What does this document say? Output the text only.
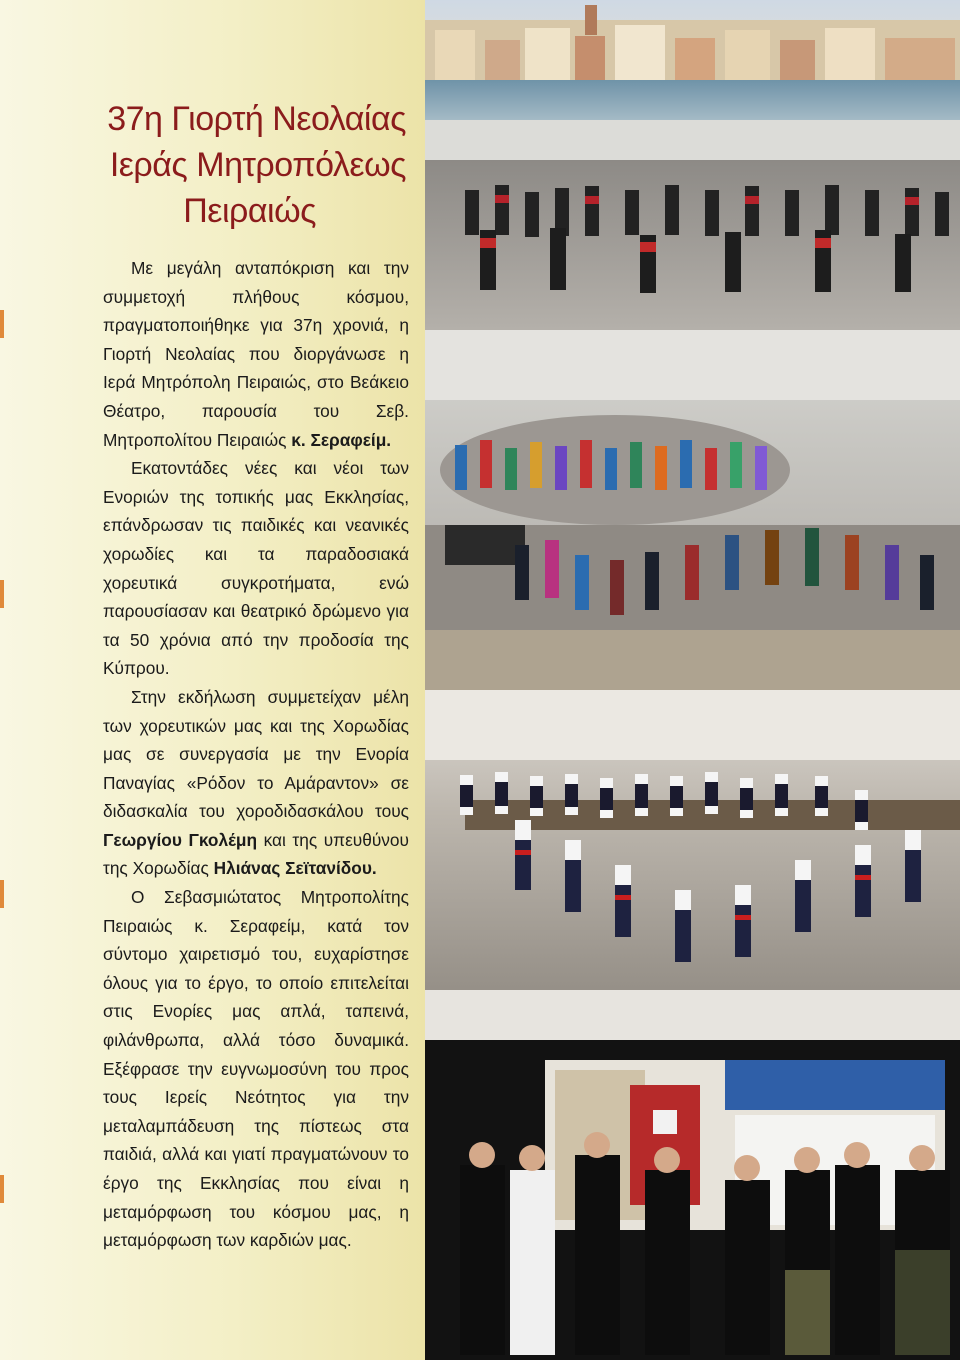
37η Γιορτή Νεολαίας
Ιεράς Μητροπόλεως
Πειραιώς

Με μεγάλη ανταπόκριση και την συμμετοχή πλήθους κόσμου, πραγματοποιήθηκε για 37η χρονιά, η Γιορτή Νεολαίας που διοργάνωσε η Ιερά Μητρόπολη Πειραιώς, στο Βεάκειο Θέατρο, παρουσία του Σεβ. Μητροπολίτου Πειραιώς κ. Σεραφείμ.

Εκατοντάδες νέες και νέοι των Ενοριών της τοπικής μας Εκκλησίας, επάνδρωσαν τις παιδικές και νεανικές χορωδίες και τα παραδοσιακά χορευτικά συγκροτήματα, ενώ παρουσίασαν και θεατρικό δρώμενο για τα 50 χρόνια από την προδοσία της Κύπρου.

Στην εκδήλωση συμμετείχαν μέλη των χορευτικών μας και της Χορωδίας μας σε συνεργασία με την Ενορία Παναγίας «Ρόδον το Αμάραντον» σε διδασκαλία του χοροδιδασκάλου τους Γεωργίου Γκολέμη και της υπευθύνου της Χορωδίας Ηλιάνας Σεϊτανίδου.

Ο Σεβασμιώτατος Μητροπολίτης Πειραιώς κ. Σεραφείμ, κατά τον σύντομο χαιρετισμό του, ευχαρίστησε όλους για το έργο, το οποίο επιτελείται στις Ενορίες μας απλά, ταπεινά, φιλάνθρωπα, αλλά τόσο δυναμικά. Εξέφρασε την ευγνωμοσύνη του προς τους Ιερείς Νεότητος για την μεταλαμπάδευση της πίστεως στα παιδιά, αλλά και γιατί πραγματώνουν το έργο της Εκκλησίας που είναι η μεταμόρφωση του κόσμου μας, η μεταμόρφωση των καρδιών μας.
